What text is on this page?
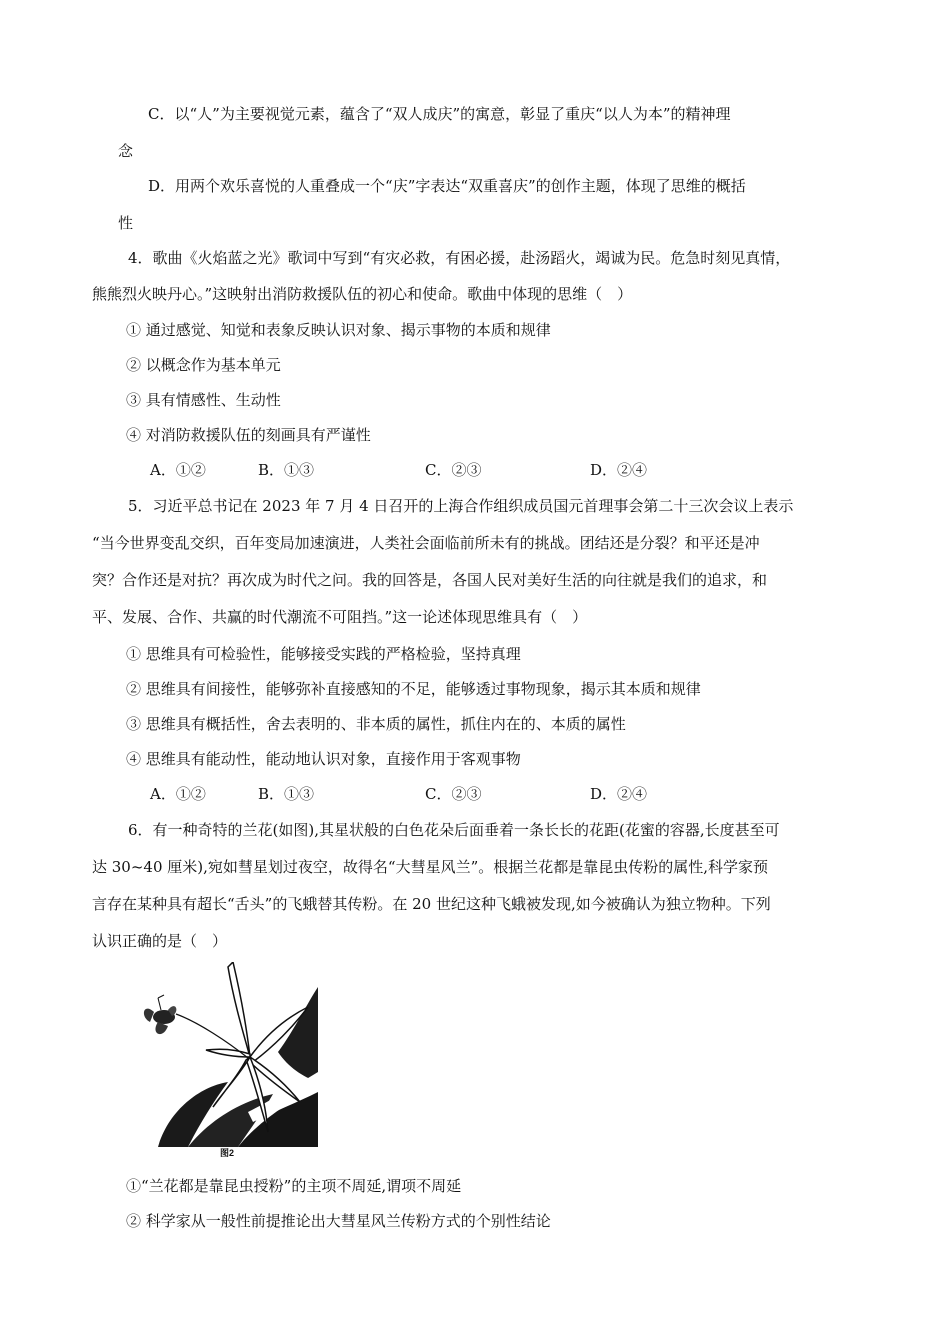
C．以“人”为主要视觉元素，蕴含了“双人成庆”的寓意，彰显了重庆“以人为本”的精神理
念
D．用两个欢乐喜悦的人重叠成一个“庆”字表达“双重喜庆”的创作主题，体现了思维的概括
性
4．歌曲《火焰蓝之光》歌词中写到“有灾必救，有困必援，赴汤蹈火，竭诚为民。危急时刻见真情，
熊熊烈火映丹心。”这映射出消防救援队伍的初心和使命。歌曲中体现的思维（　）
① 通过感觉、知觉和表象反映认识对象、揭示事物的本质和规律
② 以概念作为基本单元
③ 具有情感性、生动性
④ 对消防救援队伍的刻画具有严谨性
A．①②	B．①③	C．②③	D．②④
5．习近平总书记在 2023 年 7 月 4 日召开的上海合作组织成员国元首理事会第二十三次会议上表示
“当今世界变乱交织，百年变局加速演进，人类社会面临前所未有的挑战。团结还是分裂？和平还是冲
突？合作还是对抗？再次成为时代之问。我的回答是，各国人民对美好生活的向往就是我们的追求，和
平、发展、合作、共赢的时代潮流不可阻挡。”这一论述体现思维具有（　）
① 思维具有可检验性，能够接受实践的严格检验，坚持真理
② 思维具有间接性，能够弥补直接感知的不足，能够透过事物现象，揭示其本质和规律
③ 思维具有概括性，舍去表明的、非本质的属性，抓住内在的、本质的属性
④ 思维具有能动性，能动地认识对象，直接作用于客观事物
A．①②	B．①③	C．②③	D．②④
6．有一种奇特的兰花(如图),其星状般的白色花朵后面垂着一条长长的花距(花蜜的容器,长度甚至可
达 30~40 厘米),宛如彗星划过夜空，故得名“大彗星风兰”。根据兰花都是靠昆虫传粉的属性,科学家预
言存在某种具有超长“舌头”的飞蛾替其传粉。在 20 世纪这种飞蛾被发现,如今被确认为独立物种。下列
认识正确的是（　）
图2
①“兰花都是靠昆虫授粉”的主项不周延,谓项不周延
② 科学家从一般性前提推论出大彗星风兰传粉方式的个别性结论
